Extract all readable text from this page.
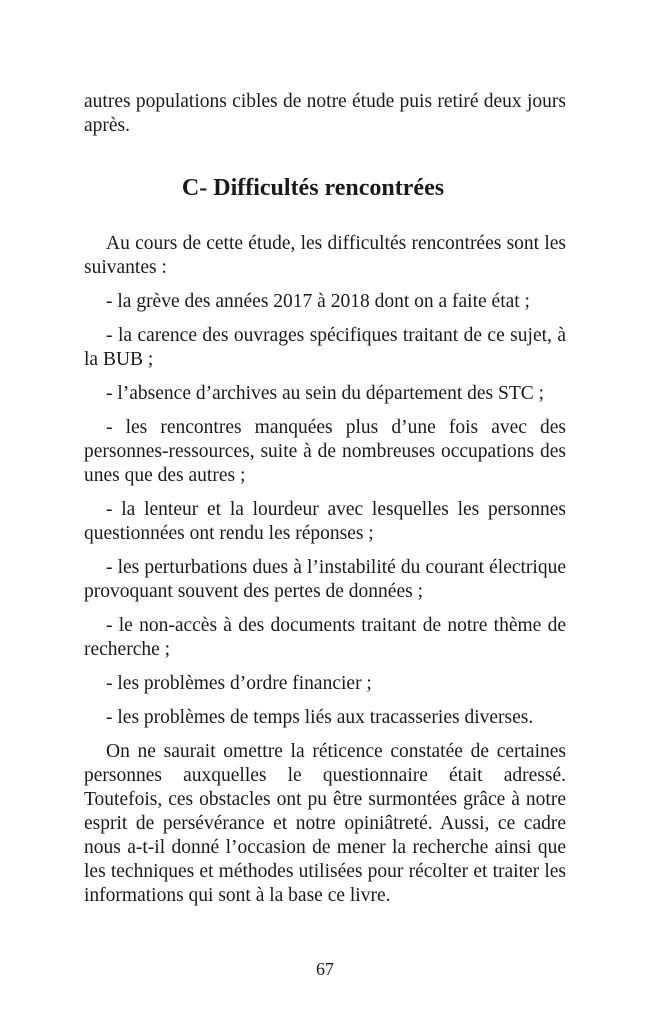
autres populations cibles de notre étude puis retiré deux jours après.

C- Difficultés rencontrées

Au cours de cette étude, les difficultés rencontrées sont les suivantes :

- la grève des années 2017 à 2018 dont on a faite état ;

- la carence des ouvrages spécifiques traitant de ce sujet, à la BUB ;

- l’absence d’archives au sein du département des STC ;

- les rencontres manquées plus d’une fois avec des personnes-ressources, suite à de nombreuses occupations des unes que des autres ;

- la lenteur et la lourdeur avec lesquelles les personnes questionnées ont rendu les réponses ;

- les perturbations dues à l’instabilité du courant électrique provoquant souvent des pertes de données ;

- le non-accès à des documents traitant de notre thème de recherche ;

- les problèmes d’ordre financier ;

- les problèmes de temps liés aux tracasseries diverses.

On ne saurait omettre la réticence constatée de certaines personnes auxquelles le questionnaire était adressé. Toutefois, ces obstacles ont pu être surmontées grâce à notre esprit de persévérance et notre opiniâtreté. Aussi, ce cadre nous a-t-il donné l’occasion de mener la recherche ainsi que les techniques et méthodes utilisées pour récolter et traiter les informations qui sont à la base ce livre.

67
